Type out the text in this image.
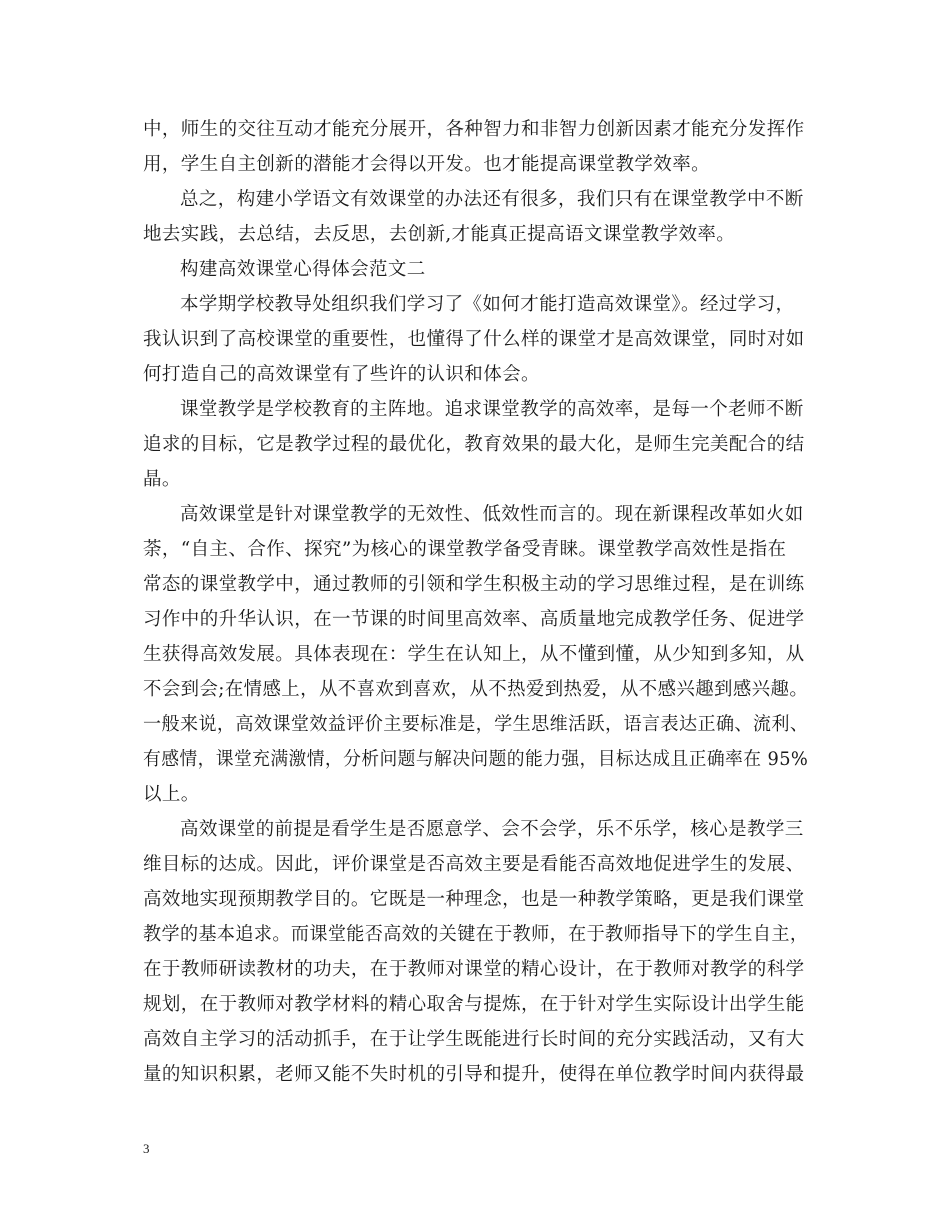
中，师生的交往互动才能充分展开，各种智力和非智力创新因素才能充分发挥作
用，学生自主创新的潜能才会得以开发。也才能提高课堂教学效率。
总之，构建小学语文有效课堂的办法还有很多，我们只有在课堂教学中不断
地去实践，去总结，去反思，去创新,才能真正提高语文课堂教学效率。
构建高效课堂心得体会范文二
本学期学校教导处组织我们学习了《如何才能打造高效课堂》。经过学习，
我认识到了高校课堂的重要性，也懂得了什么样的课堂才是高效课堂，同时对如
何打造自己的高效课堂有了些许的认识和体会。
课堂教学是学校教育的主阵地。追求课堂教学的高效率，是每一个老师不断
追求的目标，它是教学过程的最优化，教育效果的最大化，是师生完美配合的结
晶。
高效课堂是针对课堂教学的无效性、低效性而言的。现在新课程改革如火如
荼，“自主、合作、探究”为核心的课堂教学备受青睐。课堂教学高效性是指在
常态的课堂教学中，通过教师的引领和学生积极主动的学习思维过程，是在训练
习作中的升华认识，在一节课的时间里高效率、高质量地完成教学任务、促进学
生获得高效发展。具体表现在：学生在认知上，从不懂到懂，从少知到多知，从
不会到会;在情感上，从不喜欢到喜欢，从不热爱到热爱，从不感兴趣到感兴趣。
一般来说，高效课堂效益评价主要标准是，学生思维活跃，语言表达正确、流利、
有感情，课堂充满激情，分析问题与解决问题的能力强，目标达成且正确率在 95%
以上。
高效课堂的前提是看学生是否愿意学、会不会学，乐不乐学，核心是教学三
维目标的达成。因此，评价课堂是否高效主要是看能否高效地促进学生的发展、
高效地实现预期教学目的。它既是一种理念，也是一种教学策略，更是我们课堂
教学的基本追求。而课堂能否高效的关键在于教师，在于教师指导下的学生自主，
在于教师研读教材的功夫，在于教师对课堂的精心设计，在于教师对教学的科学
规划，在于教师对教学材料的精心取舍与提炼，在于针对学生实际设计出学生能
高效自主学习的活动抓手，在于让学生既能进行长时间的充分实践活动，又有大
量的知识积累，老师又能不失时机的引导和提升，使得在单位教学时间内获得最
3
